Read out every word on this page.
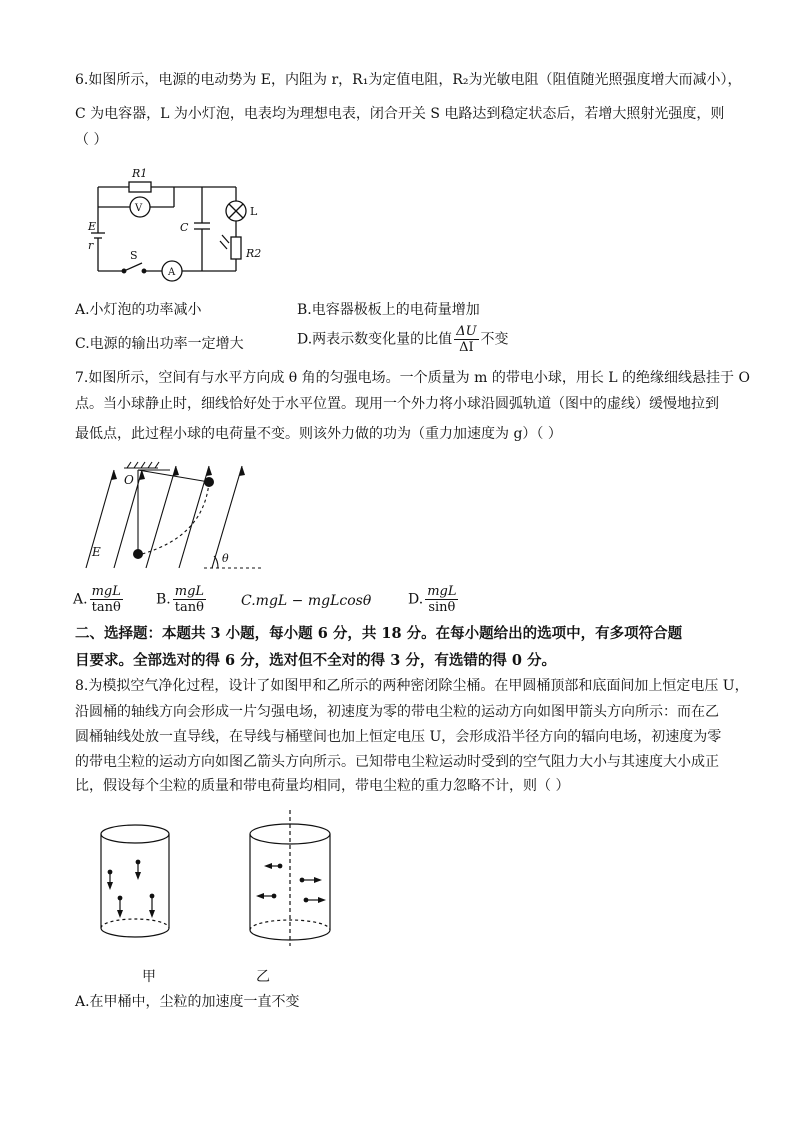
6.如图所示，电源的电动势为 E，内阻为 r，R₁为定值电阻，R₂为光敏电阻（阻值随光照强度增大而减小），
C 为电容器，L 为小灯泡，电表均为理想电表，闭合开关 S 电路达到稳定状态后，若增大照射光强度，则
（ ）
R1
V
C
L
E
r
S
A
R2
A.小灯泡的功率减小	B.电容器极板上的电荷量增加
C.电源的输出功率一定增大	D.两表示数变化量的比值 $\frac{\Delta U}{\Delta I}$ 不变
7.如图所示，空间有与水平方向成 θ 角的匀强电场。一个质量为 m 的带电小球，用长 L 的绝缘细线悬挂于 O
点。当小球静止时，细线恰好处于水平位置。现用一个外力将小球沿圆弧轨道（图中的虚线）缓慢地拉到
最低点，此过程小球的电荷量不变。则该外力做的功为（重力加速度为 g）（ ）
O
E	θ
A. $\frac{\text{mgL}}{\tan\theta} B$. $\frac{\text{mgL}}{\tan\theta} C.mgL - mgLcos\theta$	D. $\frac{\text{mgL}}{\sin\theta}$
二、选择题：本题共 3 小题，每小题 6 分，共 18 分。在每小题给出的选项中，有多项符合题
目要求。全部选对的得 6 分，选对但不全对的得 3 分，有选错的得 0 分。
8.为模拟空气净化过程，设计了如图甲和乙所示的两种密闭除尘桶。在甲圆桶顶部和底面间加上恒定电压 U，
沿圆桶的轴线方向会形成一片匀强电场，初速度为零的带电尘粒的运动方向如图甲箭头方向所示：而在乙
圆桶轴线处放一直导线，在导线与桶壁间也加上恒定电压 U，会形成沿半径方向的辐向电场，初速度为零
的带电尘粒的运动方向如图乙箭头方向所示。已知带电尘粒运动时受到的空气阻力大小与其速度大小成正
比，假设每个尘粒的质量和带电荷量均相同，带电尘粒的重力忽略不计，则（ ）
甲	乙
A.在甲桶中，尘粒的加速度一直不变
